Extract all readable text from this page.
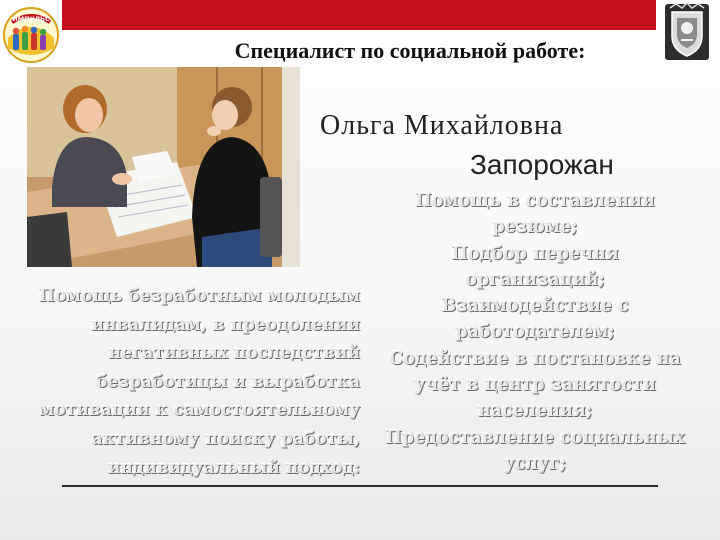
ИМПУЛЬС
Специалист по социальной работе:
Ольга Михайловна
Запорожан
Помощь в составлении
резюме;
Подбор перечня
организаций;
Взаимодействие с
работодателем;
Содействие в постановке на
учёт в центр занятости
населения;
Предоставление социальных
услуг;
Помощь безработным молодым
инвалидам, в преодолении
негативных последствий
безработицы и выработка
мотивации к самостоятельному
активному поиску работы,
индивидуальный подход:
